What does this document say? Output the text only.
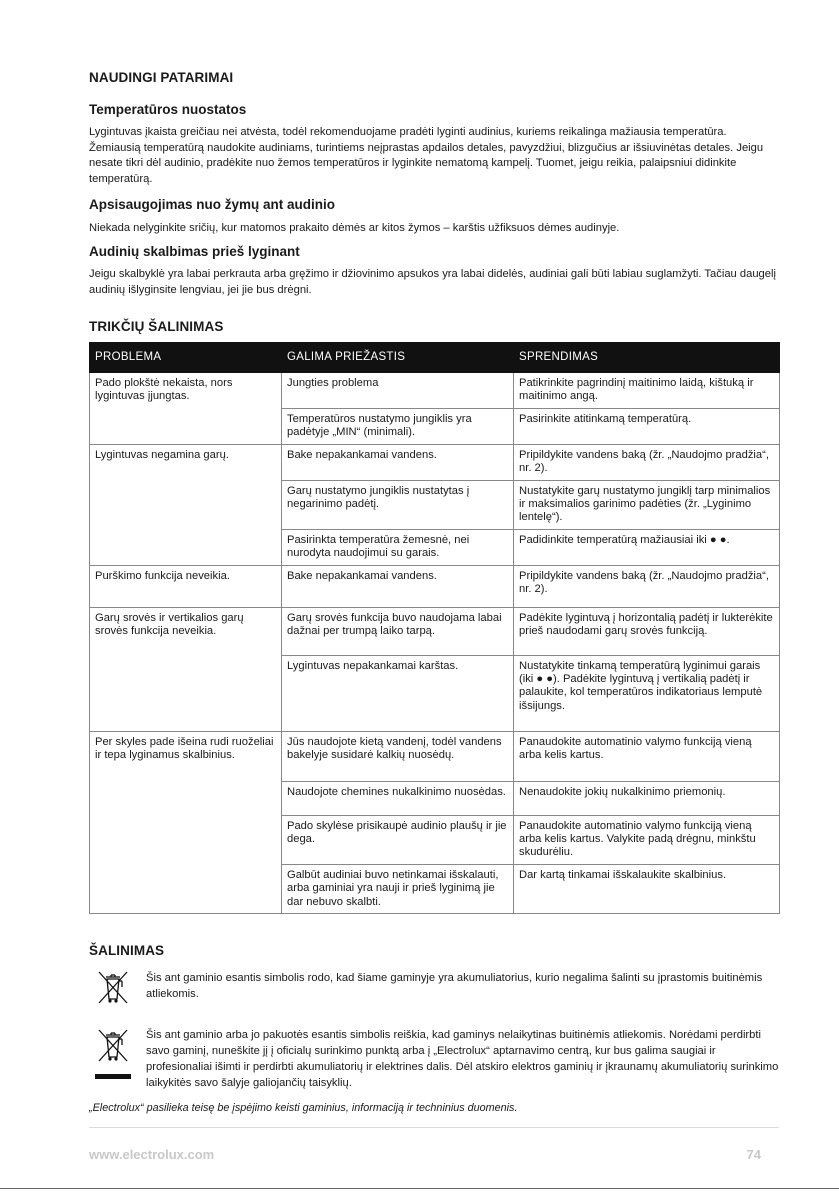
NAUDINGI PATARIMAI
Temperatūros nuostatos

Lygintuvas įkaista greičiau nei atvėsta, todėl rekomenduojame pradėti lyginti audinius, kuriems reikalinga mažiausia temperatūra. Žemiausią temperatūrą naudokite audiniams, turintiems neįprastas apdailos detales, pavyzdžiui, blizgučius ar išsiuvinėtas detales. Jeigu nesate tikri dėl audinio, pradėkite nuo žemos temperatūros ir lyginkite nematomą kampelį. Tuomet, jeigu reikia, palaipsniui didinkite temperatūrą.

Apsisaugojimas nuo žymų ant audinio

Niekada nelyginkite sričių, kur matomos prakaito dėmės ar kitos žymos – karštis užfiksuos dėmes audinyje.

Audinių skalbimas prieš lyginant

Jeigu skalbyklė yra labai perkrauta arba gręžimo ir džiovinimo apsukos yra labai didelės, audiniai gali būti labiau suglamžyti. Tačiau daugelį audinių išlyginsite lengviau, jei jie bus drėgni.

TRIKČIŲ ŠALINIMAS
PROBLEMA	GALIMA PRIEŽASTIS	SPRENDIMAS
Pado plokštė nekaista, nors lygintuvas įjungtas.	Jungties problema	Patikrinkite pagrindinį maitinimo laidą, kištuką ir maitinimo angą.
	Temperatūros nustatymo jungiklis yra padėtyje „MIN“ (minimali).	Pasirinkite atitinkamą temperatūrą.
Lygintuvas negamina garų.	Bake nepakankamai vandens.	Pripildykite vandens baką (žr. „Naudojmo pradžia“, nr. 2).
	Garų nustatymo jungiklis nustatytas į negarinimo padėtį.	Nustatykite garų nustatymo jungiklį tarp minimalios ir maksimalios garinimo padėties (žr. „Lyginimo lentelę“).
	Pasirinkta temperatūra žemesnė, nei nurodyta naudojimui su garais.	Padidinkite temperatūrą mažiausiai iki ● ●.
Purškimo funkcija neveikia.	Bake nepakankamai vandens.	Pripildykite vandens baką (žr. „Naudojmo pradžia“, nr. 2).
Garų srovės ir vertikalios garų srovės funkcija neveikia.	Garų srovės funkcija buvo naudojama labai dažnai per trumpą laiko tarpą.	Padėkite lygintuvą į horizontalią padėtį ir lukterėkite prieš naudodami garų srovės funkciją.
	Lygintuvas nepakankamai karštas.	Nustatykite tinkamą temperatūrą lyginimui garais (iki ● ●). Padėkite lygintuvą į vertikalią padėtį ir palaukite, kol temperatūros indikatoriaus lemputė išsijungs.
Per skyles pade išeina rudi ruoželiai ir tepa lyginamus skalbinius.	Jūs naudojote kietą vandenį, todėl vandens bakelyje susidarė kalkių nuosėdų.	Panaudokite automatinio valymo funkciją vieną arba kelis kartus.
	Naudojote chemines nukalkinimo nuosėdas.	Nenaudokite jokių nukalkinimo priemonių.
	Pado skylėse prisikaupė audinio plaušų ir jie dega.	Panaudokite automatinio valymo funkciją vieną arba kelis kartus. Valykite padą drėgnu, minkštu skudurėliu.
	Galbūt audiniai buvo netinkamai išskalauti, arba gaminiai yra nauji ir prieš lyginimą jie dar nebuvo skalbti.	Dar kartą tinkamai išskalaukite skalbinius.
ŠALINIMAS
Šis ant gaminio esantis simbolis rodo, kad šiame gaminyje yra akumuliatorius, kurio negalima šalinti su įprastomis buitinėmis atliekomis.
Šis ant gaminio arba jo pakuotės esantis simbolis reiškia, kad gaminys nelaikytinas buitinėmis atliekomis. Norėdami perdirbti savo gaminį, nuneškite jį į oficialų surinkimo punktą arba į „Electrolux“ aptarnavimo centrą, kur bus galima saugiai ir profesionaliai išimti ir perdirbti akumuliatorių ir elektrines dalis. Dėl atskiro elektros gaminių ir įkraunamų akumuliatorių surinkimo laikykitės savo šalyje galiojančių taisyklių.
„Electrolux“ pasilieka teisę be įspėjimo keisti gaminius, informaciją ir techninius duomenis.
www.electrolux.com	74
